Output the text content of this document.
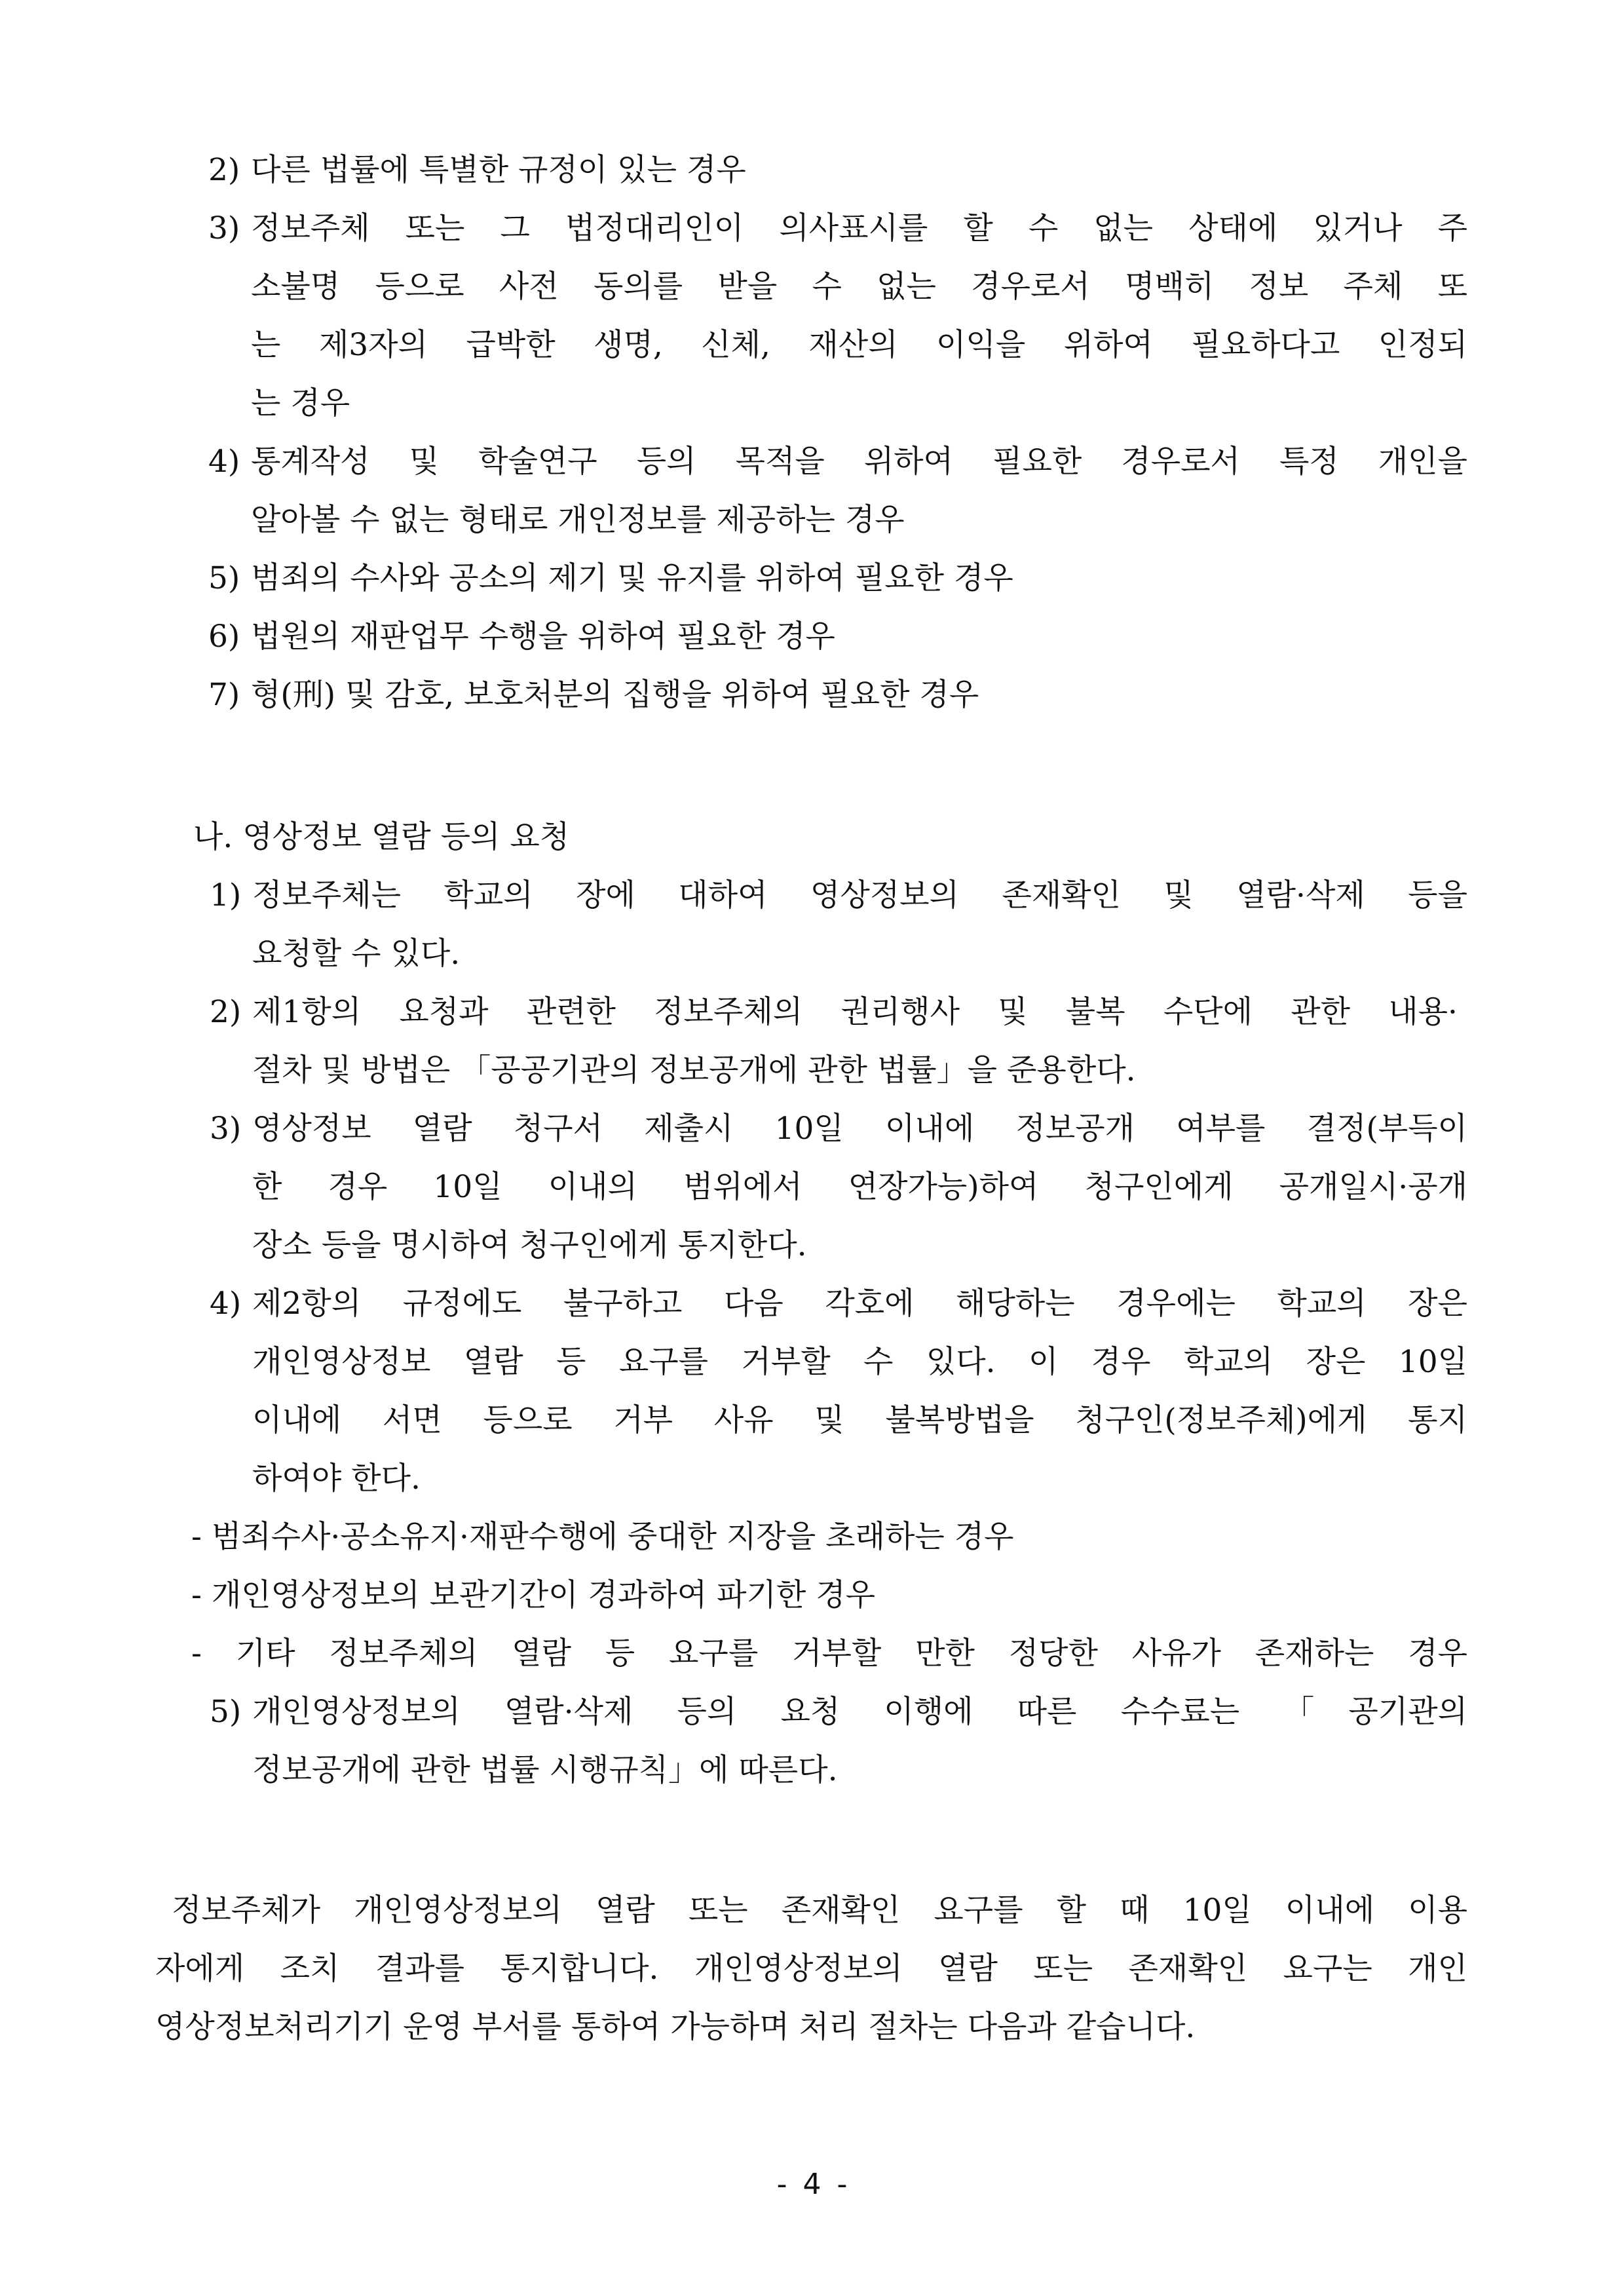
2) 다른 법률에 특별한 규정이 있는 경우
3) 정보주체 또는 그 법정대리인이 의사표시를 할 수 없는 상태에 있거나 주
소불명 등으로 사전 동의를 받을 수 없는 경우로서 명백히 정보 주체 또
는 제3자의 급박한 생명, 신체, 재산의 이익을 위하여 필요하다고 인정되
는 경우
4) 통계작성 및 학술연구 등의 목적을 위하여 필요한 경우로서 특정 개인을
알아볼 수 없는 형태로 개인정보를 제공하는 경우
5) 범죄의 수사와 공소의 제기 및 유지를 위하여 필요한 경우
6) 법원의 재판업무 수행을 위하여 필요한 경우
7) 형(刑) 및 감호, 보호처분의 집행을 위하여 필요한 경우
나. 영상정보 열람 등의 요청
1) 정보주체는 학교의 장에 대하여 영상정보의 존재확인 및 열람·삭제 등을
요청할 수 있다.
2) 제1항의 요청과 관련한 정보주체의 권리행사 및 불복 수단에 관한 내용·
절차 및 방법은 「공공기관의 정보공개에 관한 법률」을 준용한다.
3) 영상정보 열람 청구서 제출시 10일 이내에 정보공개 여부를 결정(부득이
한 경우 10일 이내의 범위에서 연장가능)하여 청구인에게 공개일시·공개
장소 등을 명시하여 청구인에게 통지한다.
4) 제2항의 규정에도 불구하고 다음 각호에 해당하는 경우에는 학교의 장은
개인영상정보 열람 등 요구를 거부할 수 있다. 이 경우 학교의 장은 10일
이내에 서면 등으로 거부 사유 및 불복방법을 청구인(정보주체)에게 통지
하여야 한다.
- 범죄수사·공소유지·재판수행에 중대한 지장을 초래하는 경우
- 개인영상정보의 보관기간이 경과하여 파기한 경우
- 기타 정보주체의 열람 등 요구를 거부할 만한 정당한 사유가 존재하는 경우
5) 개인영상정보의 열람·삭제 등의 요청 이행에 따른 수수료는 「공기관의
정보공개에 관한 법률 시행규칙」에 따른다.
정보주체가 개인영상정보의 열람 또는 존재확인 요구를 할 때 10일 이내에 이용
자에게 조치 결과를 통지합니다. 개인영상정보의 열람 또는 존재확인 요구는 개인
영상정보처리기기 운영 부서를 통하여 가능하며 처리 절차는 다음과 같습니다.
- 4 -
